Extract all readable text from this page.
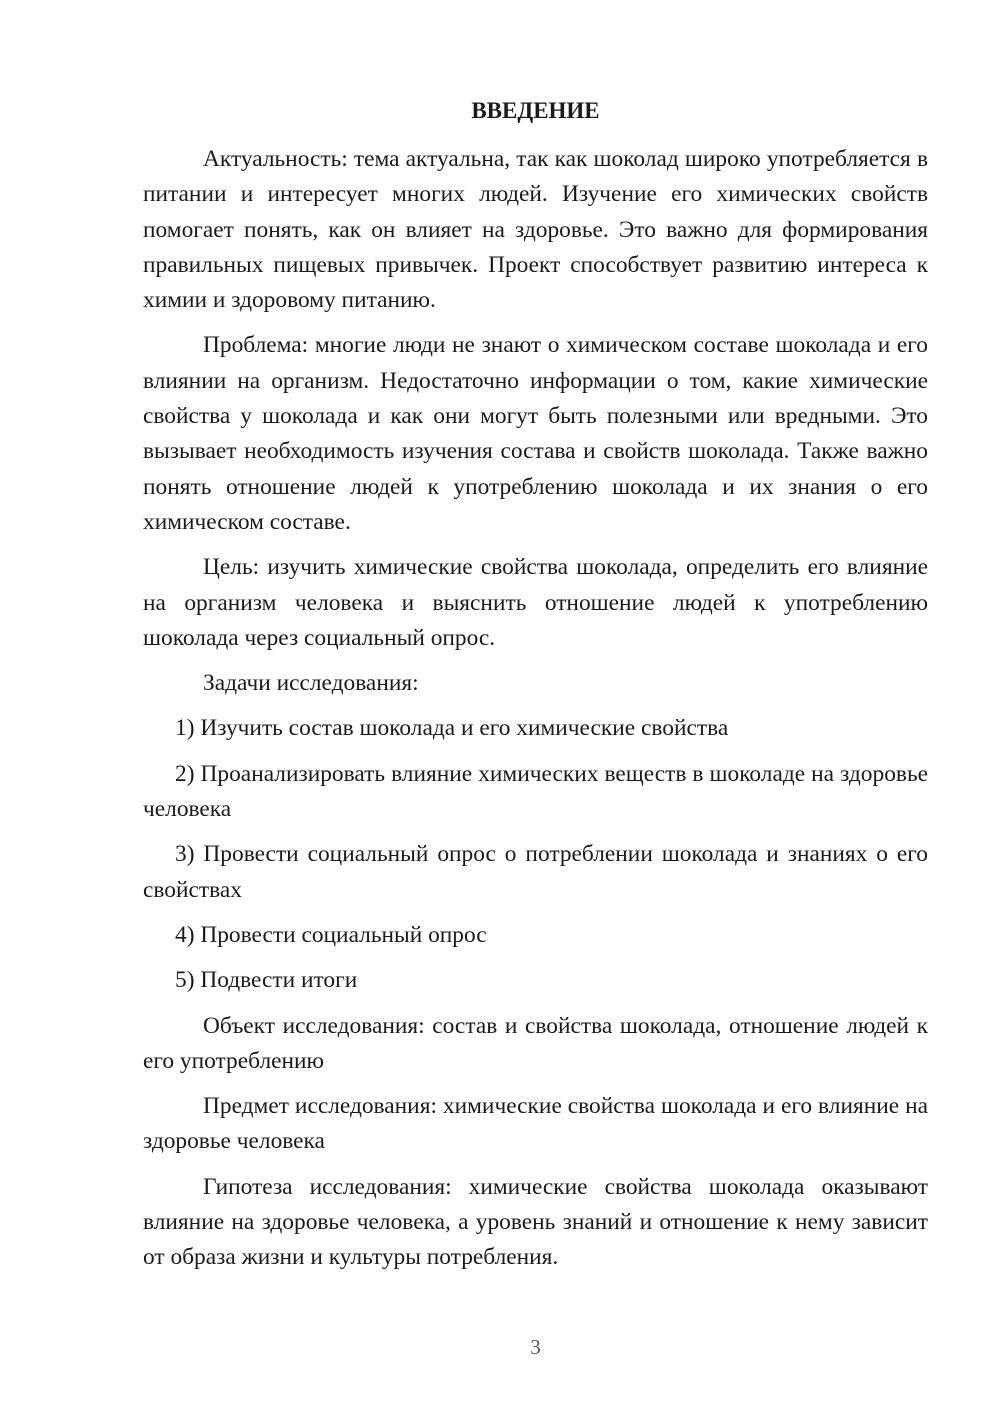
ВВЕДЕНИЕ

Актуальность: тема актуальна, так как шоколад широко употребляется в питании и интересует многих людей. Изучение его химических свойств помогает понять, как он влияет на здоровье. Это важно для формирования правильных пищевых привычек. Проект способствует развитию интереса к химии и здоровому питанию.

Проблема: многие люди не знают о химическом составе шоколада и его влиянии на организм. Недостаточно информации о том, какие химические свойства у шоколада и как они могут быть полезными или вредными. Это вызывает необходимость изучения состава и свойств шоколада. Также важно понять отношение людей к употреблению шоколада и их знания о его химическом составе.

Цель: изучить химические свойства шоколада, определить его влияние на организм человека и выяснить отношение людей к употреблению шоколада через социальный опрос.

Задачи исследования:

1) Изучить состав шоколада и его химические свойства

2) Проанализировать влияние химических веществ в шоколаде на здоровье человека

3) Провести социальный опрос о потреблении шоколада и знаниях о его свойствах

4) Провести социальный опрос

5) Подвести итоги

Объект исследования: состав и свойства шоколада, отношение людей к его употреблению

Предмет исследования: химические свойства шоколада и его влияние на здоровье человека

Гипотеза исследования: химические свойства шоколада оказывают влияние на здоровье человека, а уровень знаний и отношение к нему зависит от образа жизни и культуры потребления.

3
